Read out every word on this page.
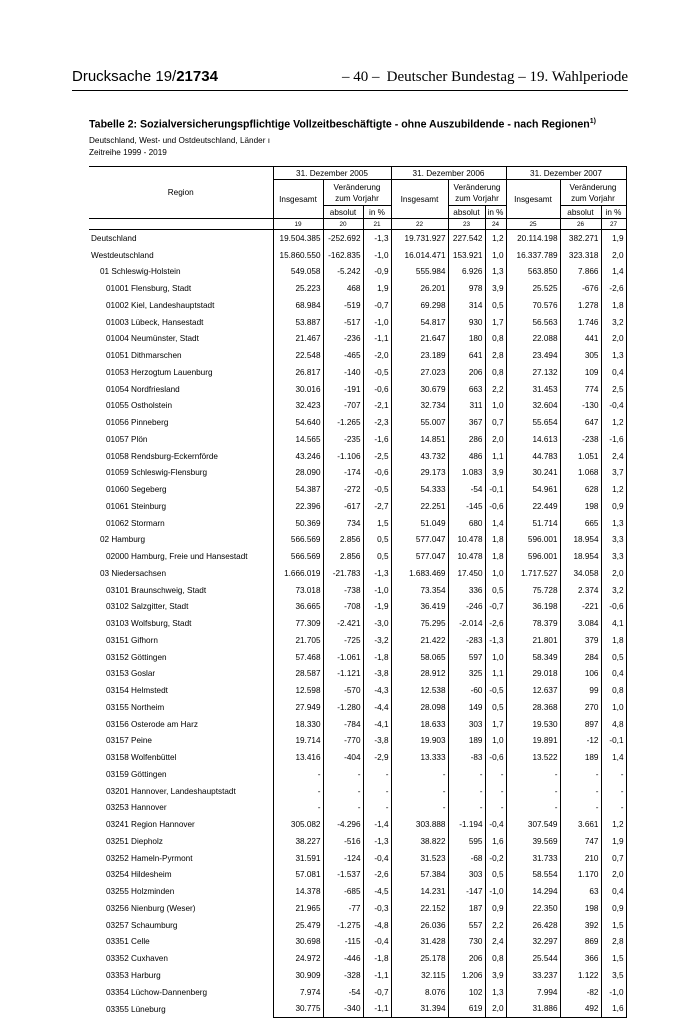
Drucksache 19/21734	– 40 – Deutscher Bundestag – 19. Wahlperiode
Tabelle 2: Sozialversicherungspflichtige Vollzeitbeschäftigte - ohne Auszubildende - nach Regionen$^{1)}$
Deutschland, West- und Ostdeutschland, Länder ı
Zeitreihe 1999 - 2019
Region	31. Dezember 2005			31. Dezember 2006			31. Dezember 2007		
	Insgesamt	Veränderung zum Vorjahr		Insgesamt	Veränderung zum Vorjahr		Insgesamt	Veränderung zum Vorjahr	
		absolut	in %		absolut	in %		absolut	in %
	19	20	21	22	23	24	25	26	27
Deutschland	19.504.385	-252.692	-1,3	19.731.927	227.542	1,2	20.114.198	382.271	1,9
Westdeutschland	15.860.550	-162.835	-1,0	16.014.471	153.921	1,0	16.337.789	323.318	2,0
01 Schleswig-Holstein	549.058	-5.242	-0,9	555.984	6.926	1,3	563.850	7.866	1,4
01001 Flensburg, Stadt	25.223	468	1,9	26.201	978	3,9	25.525	-676	-2,6
01002 Kiel, Landeshauptstadt	68.984	-519	-0,7	69.298	314	0,5	70.576	1.278	1,8
01003 Lübeck, Hansestadt	53.887	-517	-1,0	54.817	930	1,7	56.563	1.746	3,2
01004 Neumünster, Stadt	21.467	-236	-1,1	21.647	180	0,8	22.088	441	2,0
01051 Dithmarschen	22.548	-465	-2,0	23.189	641	2,8	23.494	305	1,3
01053 Herzogtum Lauenburg	26.817	-140	-0,5	27.023	206	0,8	27.132	109	0,4
01054 Nordfriesland	30.016	-191	-0,6	30.679	663	2,2	31.453	774	2,5
01055 Ostholstein	32.423	-707	-2,1	32.734	311	1,0	32.604	-130	-0,4
01056 Pinneberg	54.640	-1.265	-2,3	55.007	367	0,7	55.654	647	1,2
01057 Plön	14.565	-235	-1,6	14.851	286	2,0	14.613	-238	-1,6
01058 Rendsburg-Eckernförde	43.246	-1.106	-2,5	43.732	486	1,1	44.783	1.051	2,4
01059 Schleswig-Flensburg	28.090	-174	-0,6	29.173	1.083	3,9	30.241	1.068	3,7
01060 Segeberg	54.387	-272	-0,5	54.333	-54	-0,1	54.961	628	1,2
01061 Steinburg	22.396	-617	-2,7	22.251	-145	-0,6	22.449	198	0,9
01062 Stormarn	50.369	734	1,5	51.049	680	1,4	51.714	665	1,3
02 Hamburg	566.569	2.856	0,5	577.047	10.478	1,8	596.001	18.954	3,3
02000 Hamburg, Freie und Hansestadt	566.569	2.856	0,5	577.047	10.478	1,8	596.001	18.954	3,3
03 Niedersachsen	1.666.019	-21.783	-1,3	1.683.469	17.450	1,0	1.717.527	34.058	2,0
03101 Braunschweig, Stadt	73.018	-738	-1,0	73.354	336	0,5	75.728	2.374	3,2
03102 Salzgitter, Stadt	36.665	-708	-1,9	36.419	-246	-0,7	36.198	-221	-0,6
03103 Wolfsburg, Stadt	77.309	-2.421	-3,0	75.295	-2.014	-2,6	78.379	3.084	4,1
03151 Gifhorn	21.705	-725	-3,2	21.422	-283	-1,3	21.801	379	1,8
03152 Göttingen	57.468	-1.061	-1,8	58.065	597	1,0	58.349	284	0,5
03153 Goslar	28.587	-1.121	-3,8	28.912	325	1,1	29.018	106	0,4
03154 Helmstedt	12.598	-570	-4,3	12.538	-60	-0,5	12.637	99	0,8
03155 Northeim	27.949	-1.280	-4,4	28.098	149	0,5	28.368	270	1,0
03156 Osterode am Harz	18.330	-784	-4,1	18.633	303	1,7	19.530	897	4,8
03157 Peine	19.714	-770	-3,8	19.903	189	1,0	19.891	-12	-0,1
03158 Wolfenbüttel	13.416	-404	-2,9	13.333	-83	-0,6	13.522	189	1,4
03159 Göttingen	-	-	-	-	-	-	-	-	-
03201 Hannover, Landeshauptstadt	-	-	-	-	-	-	-	-	-
03253 Hannover	-	-	-	-	-	-	-	-	-
03241 Region Hannover	305.082	-4.296	-1,4	303.888	-1.194	-0,4	307.549	3.661	1,2
03251 Diepholz	38.227	-516	-1,3	38.822	595	1,6	39.569	747	1,9
03252 Hameln-Pyrmont	31.591	-124	-0,4	31.523	-68	-0,2	31.733	210	0,7
03254 Hildesheim	57.081	-1.537	-2,6	57.384	303	0,5	58.554	1.170	2,0
03255 Holzminden	14.378	-685	-4,5	14.231	-147	-1,0	14.294	63	0,4
03256 Nienburg (Weser)	21.965	-77	-0,3	22.152	187	0,9	22.350	198	0,9
03257 Schaumburg	25.479	-1.275	-4,8	26.036	557	2,2	26.428	392	1,5
03351 Celle	30.698	-115	-0,4	31.428	730	2,4	32.297	869	2,8
03352 Cuxhaven	24.972	-446	-1,8	25.178	206	0,8	25.544	366	1,5
03353 Harburg	30.909	-328	-1,1	32.115	1.206	3,9	33.237	1.122	3,5
03354 Lüchow-Dannenberg	7.974	-54	-0,7	8.076	102	1,3	7.994	-82	-1,0
03355 Lüneburg	30.775	-340	-1,1	31.394	619	2,0	31.886	492	1,6
